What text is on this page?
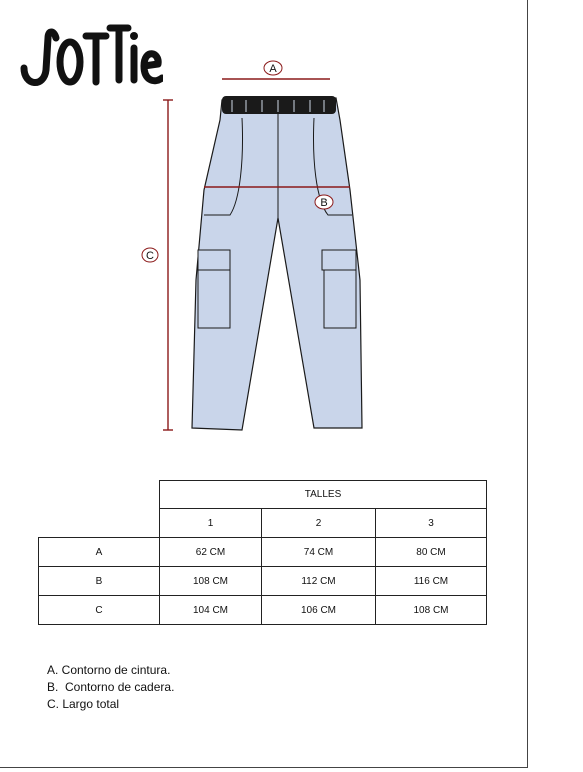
A
B
C
	TALLES		
	1	2	3
A	62 CM	74 CM	80 CM
B	108 CM	112 CM	116 CM
C	104 CM	106 CM	108 CM
A. Contorno de cintura.
B.  Contorno de cadera.
C. Largo total
